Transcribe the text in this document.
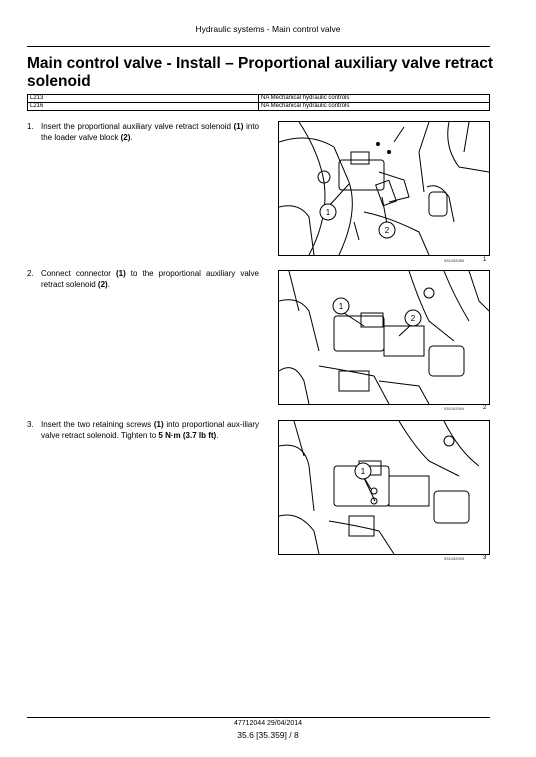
Hydraulic systems - Main control valve
Main control valve - Install – Proportional auxiliary valve retract solenoid
L213	NA Mechanical hydraulic controls
L216	NA Mechanical hydraulic controls
1. Insert the proportional auxiliary valve retract solenoid (1) into the loader valve block (2).
1
2
931002089	1
2. Connect connector (1) to the proportional auxiliary valve retract solenoid (2).
1
2
931002094	2
3. Insert the two retaining screws (1) into proportional aux-iliary valve retract solenoid. Tighten to 5 N·m (3.7 lb ft).
1
931002095	3
47712044 29/04/2014
35.6 [35.359] / 8
